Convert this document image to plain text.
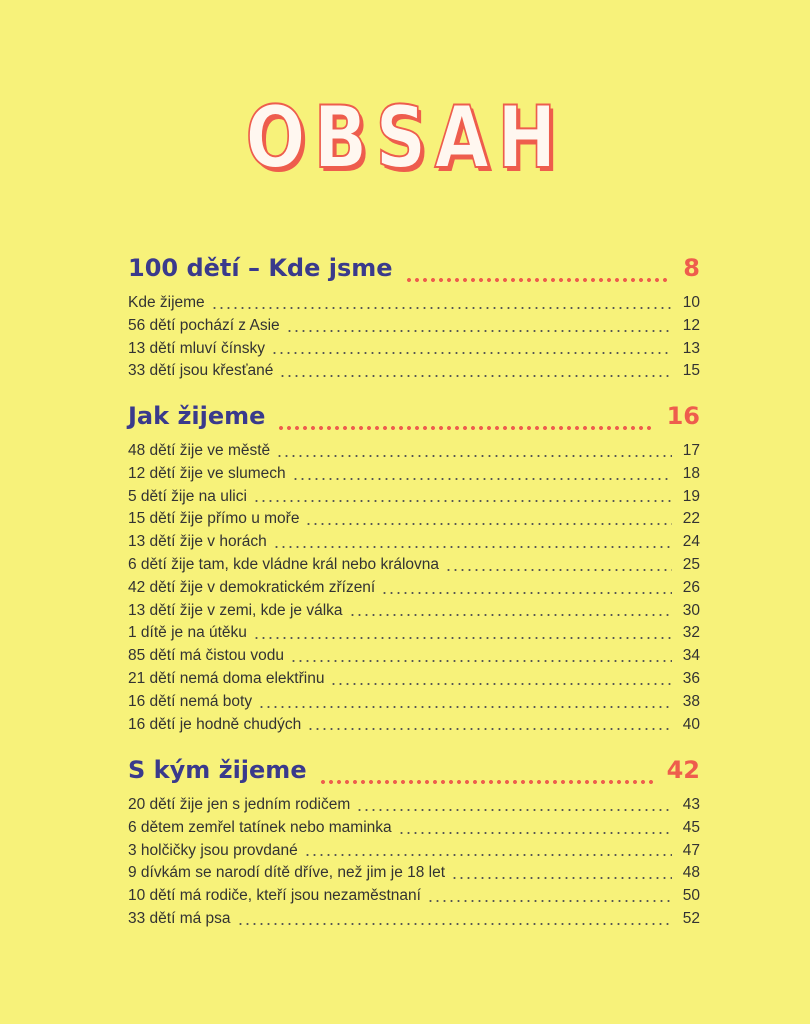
OBSAH
100 dětí – Kde jsme	8
Kde žijeme	10
56 dětí pochází z Asie	12
13 dětí mluví čínsky	13
33 dětí jsou křesťané	15
Jak žijeme	16
48 dětí žije ve městě	17
12 dětí žije ve slumech	18
5 dětí žije na ulici	19
15 dětí žije přímo u moře	22
13 dětí žije v horách	24
6 dětí žije tam, kde vládne král nebo královna	25
42 dětí žije v demokratickém zřízení	26
13 dětí žije v zemi, kde je válka	30
1 dítě je na útěku	32
85 dětí má čistou vodu	34
21 dětí nemá doma elektřinu	36
16 dětí nemá boty	38
16 dětí je hodně chudých	40
S kým žijeme	42
20 dětí žije jen s jedním rodičem	43
6 dětem zemřel tatínek nebo maminka	45
3 holčičky jsou provdané	47
9 dívkám se narodí dítě dříve, než jim je 18 let	48
10 dětí má rodiče, kteří jsou nezaměstnaní	50
33 dětí má psa	52
